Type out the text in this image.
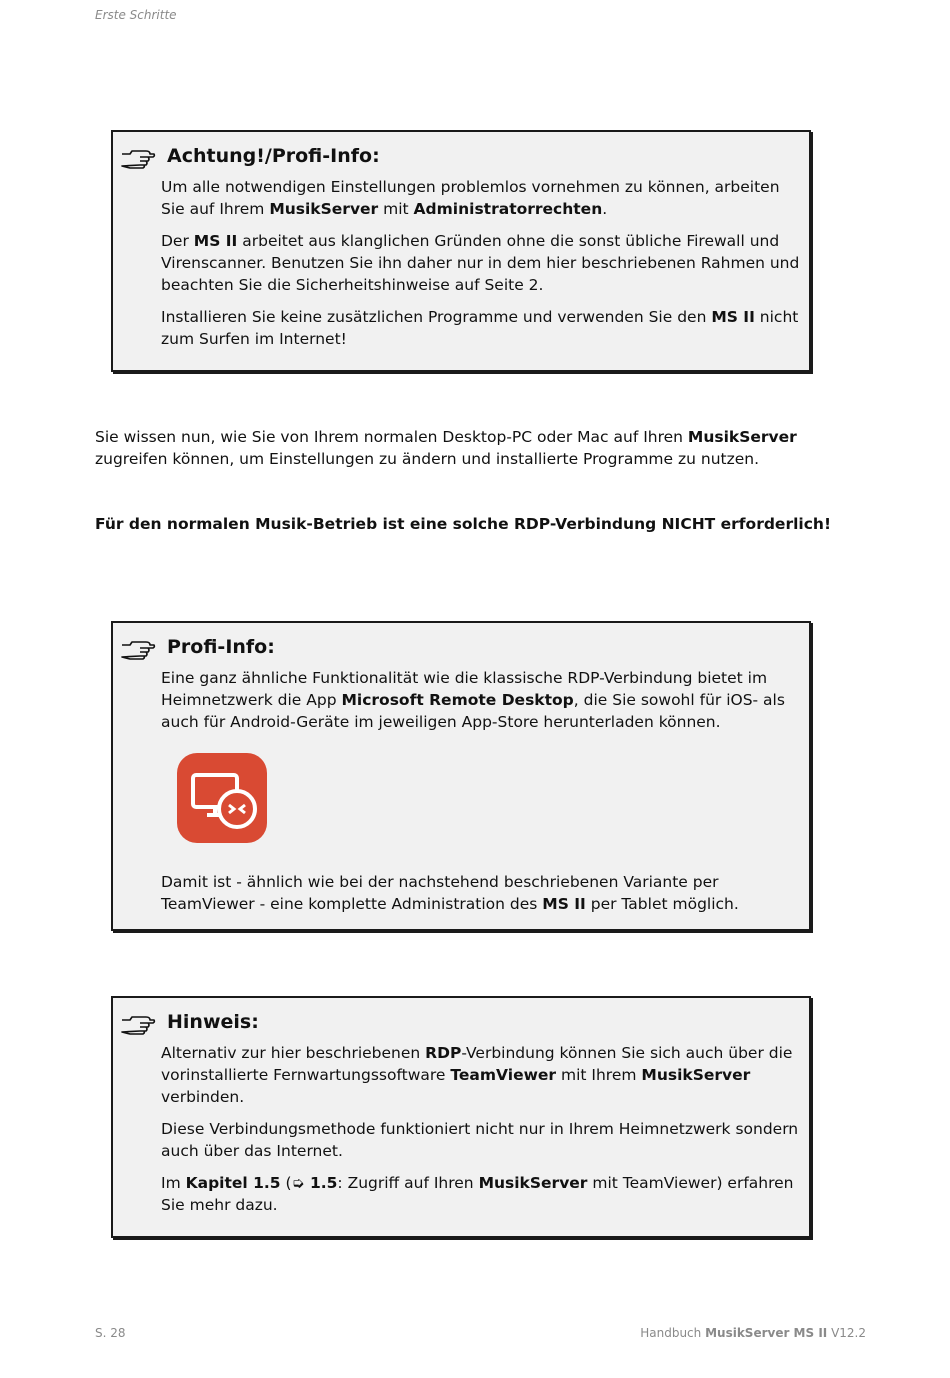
Erste Schritte
Achtung!/Profi-Info:

Um alle notwendigen Einstellungen problemlos vornehmen zu können, arbeiten Sie auf Ihrem MusikServer mit Administratorrechten.

Der MS II arbeitet aus klanglichen Gründen ohne die sonst übliche Firewall und Virenscanner. Benutzen Sie ihn daher nur in dem hier beschriebenen Rahmen und beachten Sie die Sicherheitshinweise auf Seite 2.

Installieren Sie keine zusätzlichen Programme und verwenden Sie den MS II nicht zum Surfen im Internet!

Sie wissen nun, wie Sie von Ihrem normalen Desktop-PC oder Mac auf Ihren MusikServer zugreifen können, um Einstellungen zu ändern und installierte Programme zu nutzen.

Für den normalen Musik-Betrieb ist eine solche RDP-Verbindung NICHT erforderlich!

Profi-Info:

Eine ganz ähnliche Funktionalität wie die klassische RDP-Verbindung bietet im Heimnetzwerk die App Microsoft Remote Desktop, die Sie sowohl für iOS- als auch für Android-Geräte im jeweiligen App-Store herunterladen können.

Damit ist - ähnlich wie bei der nachstehend beschriebenen Variante per TeamViewer - eine komplette Administration des MS II per Tablet möglich.

Hinweis:

Alternativ zur hier beschriebenen RDP-Verbindung können Sie sich auch über die vorinstallierte Fernwartungssoftware TeamViewer mit Ihrem MusikServer verbinden.

Diese Verbindungsmethode funktioniert nicht nur in Ihrem Heimnetzwerk sondern auch über das Internet.

Im Kapitel 1.5 (➭ 1.5: Zugriff auf Ihren MusikServer mit TeamViewer) erfahren Sie mehr dazu.

S. 28	Handbuch MusikServer MS II V12.2
